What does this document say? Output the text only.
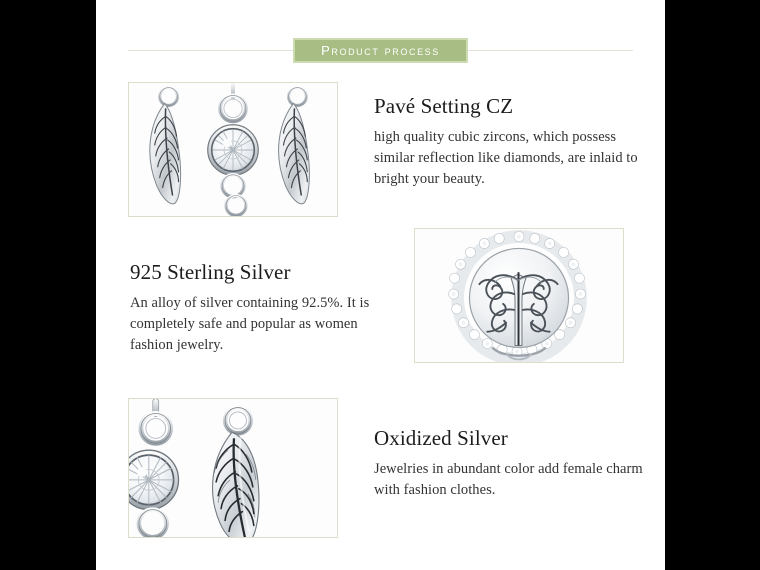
Product process
Pavé Setting CZ

high quality cubic zircons, which possess similar reflection like diamonds, are inlaid to bright your beauty.

925 Sterling Silver

An alloy of silver containing 92.5%. It is completely safe and popular as women fashion jewelry.

Oxidized Silver

Jewelries in abundant color add female charm with fashion clothes.
